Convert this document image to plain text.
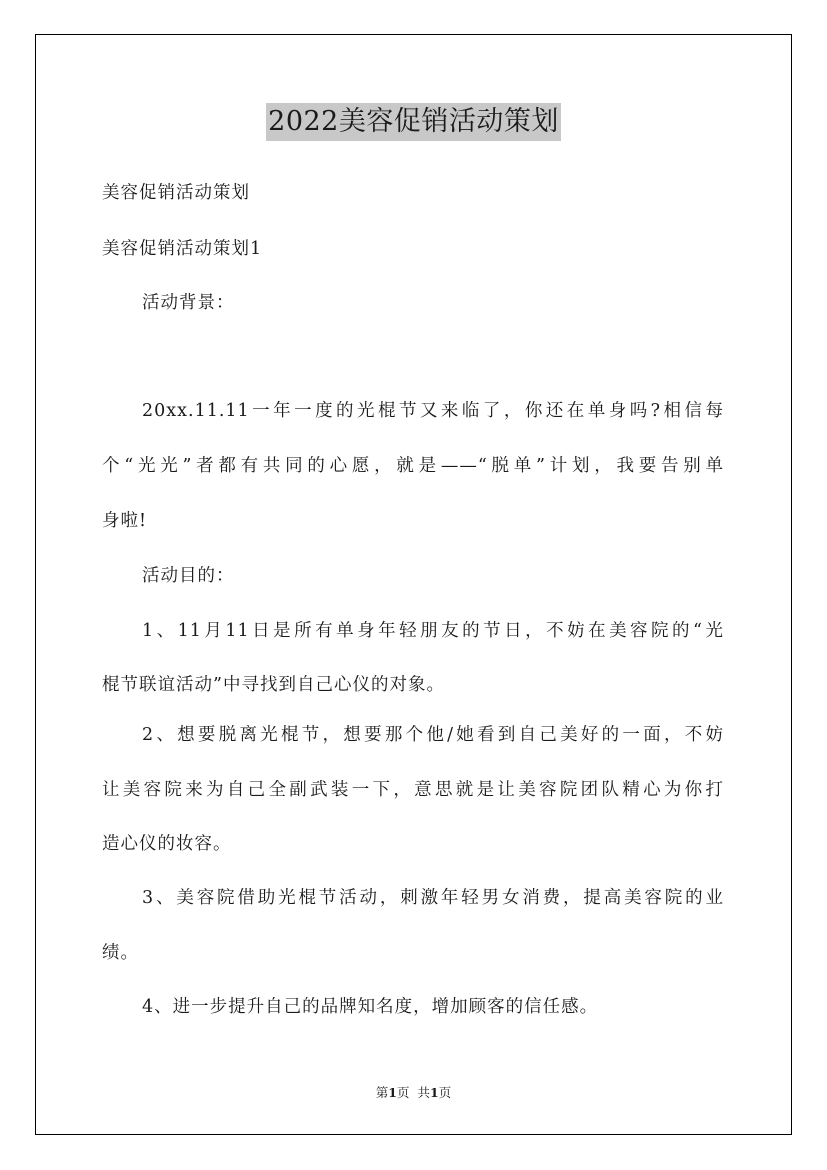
2022美容促销活动策划
美容促销活动策划
美容促销活动策划1
活动背景：
20xx.11.11一年一度的光棍节又来临了，你还在单身吗?相信每
个“光光”者都有共同的心愿，就是——“脱单”计划，我要告别单
身啦!
活动目的：
1、11月11日是所有单身年轻朋友的节日，不妨在美容院的“光
棍节联谊活动”中寻找到自己心仪的对象。
2、想要脱离光棍节，想要那个他/她看到自己美好的一面，不妨
让美容院来为自己全副武装一下，意思就是让美容院团队精心为你打
造心仪的妆容。
3、美容院借助光棍节活动，刺激年轻男女消费，提高美容院的业
绩。
4、进一步提升自己的品牌知名度，增加顾客的信任感。
第1页 共1页
